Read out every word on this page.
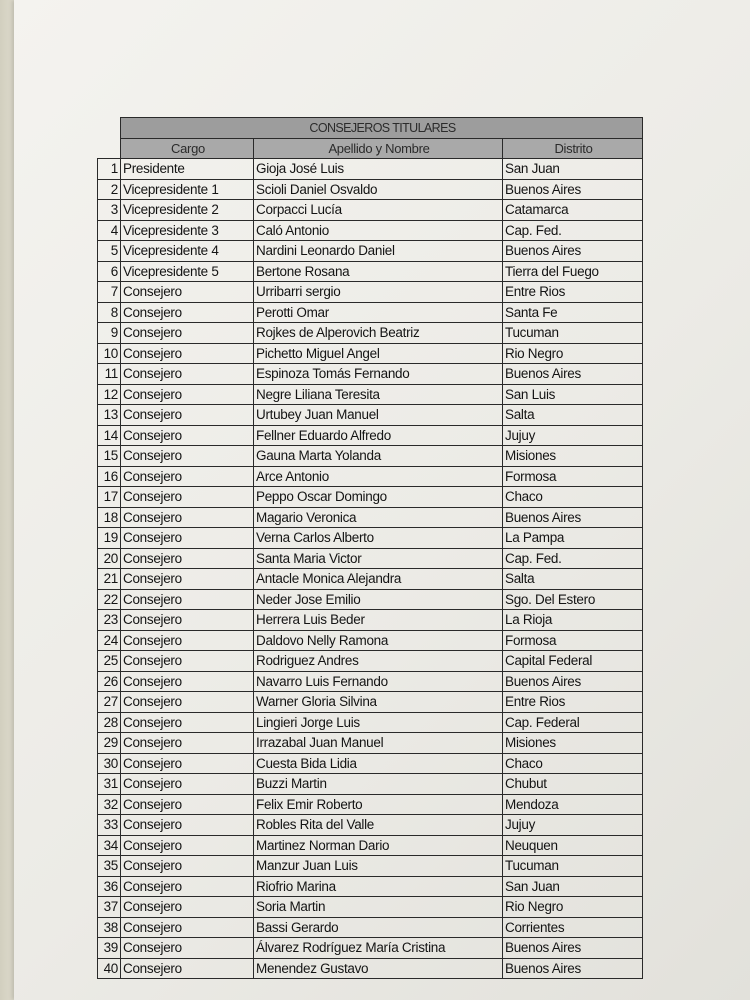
	CONSEJEROS TITULARES		
	Cargo	Apellido y Nombre	Distrito
1	Presidente	Gioja José Luis	San Juan
2	Vicepresidente 1	Scioli Daniel Osvaldo	Buenos Aires
3	Vicepresidente 2	Corpacci Lucía	Catamarca
4	Vicepresidente 3	Caló Antonio	Cap. Fed.
5	Vicepresidente 4	Nardini Leonardo Daniel	Buenos Aires
6	Vicepresidente 5	Bertone Rosana	Tierra del Fuego
7	Consejero	Urribarri sergio	Entre Rios
8	Consejero	Perotti Omar	Santa Fe
9	Consejero	Rojkes de Alperovich Beatriz	Tucuman
10	Consejero	Pichetto Miguel Angel	Rio Negro
11	Consejero	Espinoza Tomás Fernando	Buenos Aires
12	Consejero	Negre Liliana Teresita	San Luis
13	Consejero	Urtubey Juan Manuel	Salta
14	Consejero	Fellner Eduardo Alfredo	Jujuy
15	Consejero	Gauna Marta Yolanda	Misiones
16	Consejero	Arce Antonio	Formosa
17	Consejero	Peppo Oscar Domingo	Chaco
18	Consejero	Magario Veronica	Buenos Aires
19	Consejero	Verna Carlos Alberto	La Pampa
20	Consejero	Santa Maria Victor	Cap. Fed.
21	Consejero	Antacle Monica Alejandra	Salta
22	Consejero	Neder Jose Emilio	Sgo. Del Estero
23	Consejero	Herrera Luis Beder	La Rioja
24	Consejero	Daldovo Nelly Ramona	Formosa
25	Consejero	Rodriguez Andres	Capital Federal
26	Consejero	Navarro Luis Fernando	Buenos Aires
27	Consejero	Warner Gloria Silvina	Entre Rios
28	Consejero	Lingieri Jorge Luis	Cap. Federal
29	Consejero	Irrazabal Juan Manuel	Misiones
30	Consejero	Cuesta Bida Lidia	Chaco
31	Consejero	Buzzi Martin	Chubut
32	Consejero	Felix Emir Roberto	Mendoza
33	Consejero	Robles Rita del Valle	Jujuy
34	Consejero	Martinez Norman Dario	Neuquen
35	Consejero	Manzur Juan Luis	Tucuman
36	Consejero	Riofrio Marina	San Juan
37	Consejero	Soria Martin	Rio Negro
38	Consejero	Bassi Gerardo	Corrientes
39	Consejero	Álvarez Rodríguez María Cristina	Buenos Aires
40	Consejero	Menendez Gustavo	Buenos Aires
